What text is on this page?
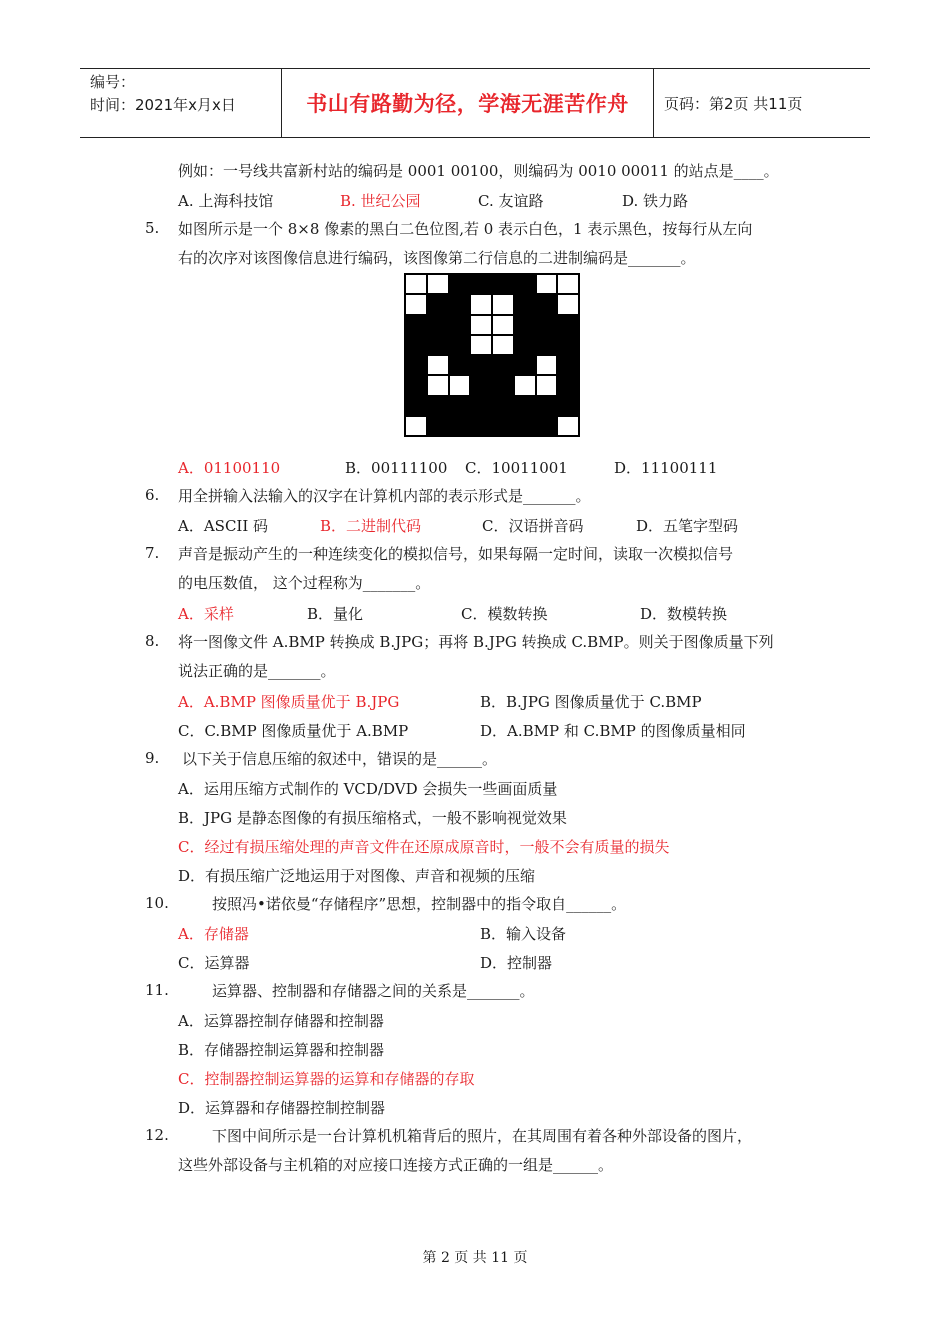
编号：
时间：2021年x月x日	书山有路勤为径，学海无涯苦作舟	页码：第2页 共11页
例如：一号线共富新村站的编码是 0001 00100，则编码为 0010 00011 的站点是____。
A. 上海科技馆	B. 世纪公园	C. 友谊路	D. 铁力路
5. 如图所示是一个 8×8 像素的黑白二色位图,若 0 表示白色，1 表示黑色，按每行从左向
右的次序对该图像信息进行编码，该图像第二行信息的二进制编码是_______。
A．01100110	B．00111100 C．10011001	D．11100111
6. 用全拼输入法输入的汉字在计算机内部的表示形式是_______。
A．ASCII 码	B．二进制代码	C．汉语拼音码	D．五笔字型码
7. 声音是振动产生的一种连续变化的模拟信号，如果每隔一定时间，读取一次模拟信号
的电压数值， 这个过程称为_______。
A．采样	B．量化	C．模数转换	D．数模转换
8. 将一图像文件 A.BMP 转换成 B.JPG；再将 B.JPG 转换成 C.BMP。则关于图像质量下列
说法正确的是_______。
A．A.BMP 图像质量优于 B.JPG	B．B.JPG 图像质量优于 C.BMP
C．C.BMP 图像质量优于 A.BMP	D．A.BMP 和 C.BMP 的图像质量相同
9. 以下关于信息压缩的叙述中，错误的是______。
A．运用压缩方式制作的 VCD/DVD 会损失一些画面质量
B．JPG 是静态图像的有损压缩格式，一般不影响视觉效果
C．经过有损压缩处理的声音文件在还原成原音时，一般不会有质量的损失
D．有损压缩广泛地运用于对图像、声音和视频的压缩
10.	按照冯•诺依曼“存储程序”思想，控制器中的指令取自______。
A．存储器	B．输入设备
C．运算器	D．控制器
11.	运算器、控制器和存储器之间的关系是_______。
A．运算器控制存储器和控制器
B．存储器控制运算器和控制器
C．控制器控制运算器的运算和存储器的存取
D．运算器和存储器控制控制器
12.	下图中间所示是一台计算机机箱背后的照片，在其周围有着各种外部设备的图片，
这些外部设备与主机箱的对应接口连接方式正确的一组是______。
第 2 页 共 11 页
